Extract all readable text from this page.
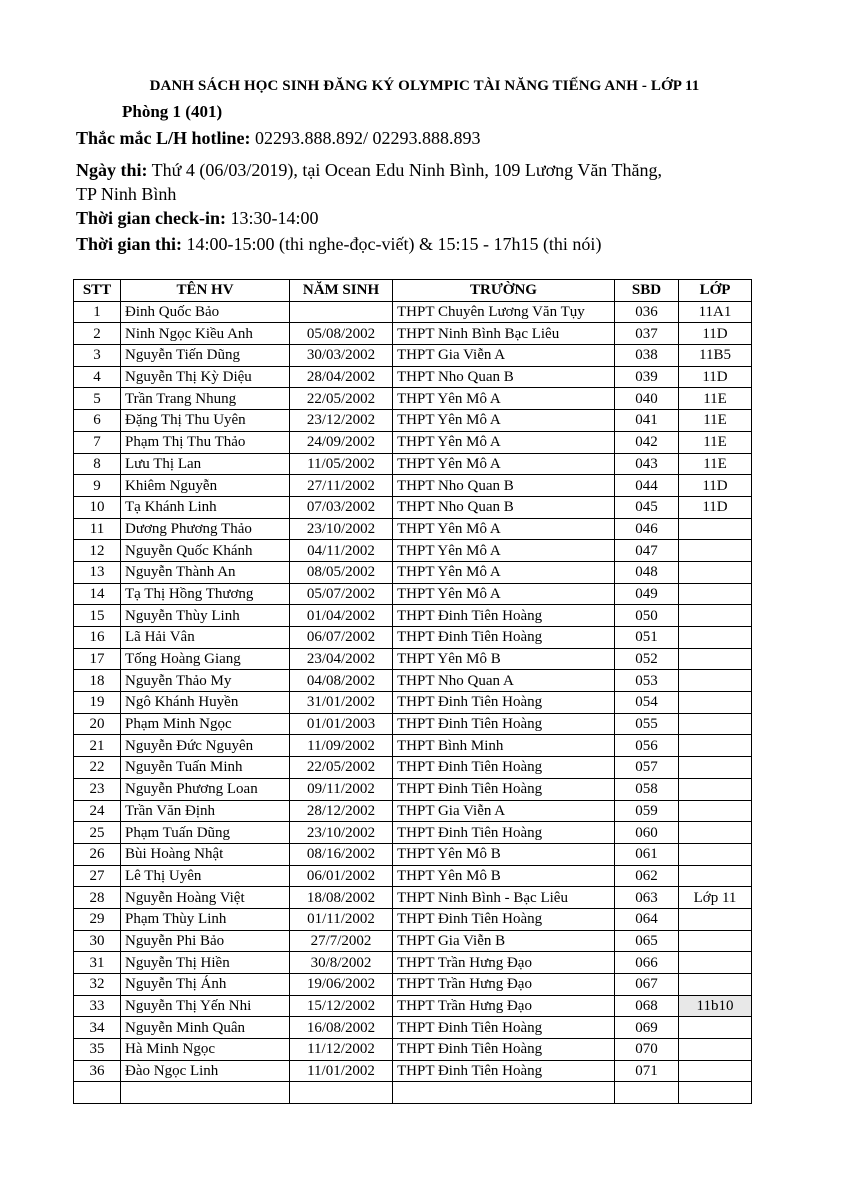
DANH SÁCH HỌC SINH ĐĂNG KÝ OLYMPIC TÀI NĂNG TIẾNG ANH - LỚP 11
Phòng 1 (401)
Thắc mắc L/H hotline: 02293.888.892/ 02293.888.893
Ngày thi: Thứ 4 (06/03/2019), tại Ocean Edu Ninh Bình, 109 Lương Văn Thăng,
TP Ninh Bình
Thời gian check-in: 13:30-14:00
Thời gian thi: 14:00-15:00 (thi nghe-đọc-viết) & 15:15 - 17h15 (thi nói)
STT	TÊN HV	NĂM SINH	TRƯỜNG	SBD	LỚP
1	Đinh Quốc Bảo		THPT Chuyên Lương Văn Tụy	036	11A1
2	Ninh Ngọc Kiều Anh	05/08/2002	THPT Ninh Bình Bạc Liêu	037	11D
3	Nguyễn Tiến Dũng	30/03/2002	THPT Gia Viễn A	038	11B5
4	Nguyễn Thị Kỳ Diệu	28/04/2002	THPT Nho Quan B	039	11D
5	Trần Trang Nhung	22/05/2002	THPT Yên Mô A	040	11E
6	Đặng Thị Thu Uyên	23/12/2002	THPT Yên Mô A	041	11E
7	Phạm Thị Thu Thảo	24/09/2002	THPT Yên Mô A	042	11E
8	Lưu Thị Lan	11/05/2002	THPT Yên Mô A	043	11E
9	Khiêm Nguyễn	27/11/2002	THPT Nho Quan B	044	11D
10	Tạ Khánh Linh	07/03/2002	THPT Nho Quan B	045	11D
11	Dương Phương Thảo	23/10/2002	THPT Yên Mô A	046	
12	Nguyễn Quốc Khánh	04/11/2002	THPT Yên Mô A	047	
13	Nguyễn Thành An	08/05/2002	THPT Yên Mô A	048	
14	Tạ Thị Hồng Thương	05/07/2002	THPT Yên Mô A	049	
15	Nguyễn Thùy Linh	01/04/2002	THPT Đinh Tiên Hoàng	050	
16	Lã Hải Vân	06/07/2002	THPT Đinh Tiên Hoàng	051	
17	Tống Hoàng Giang	23/04/2002	THPT Yên Mô B	052	
18	Nguyễn Thảo My	04/08/2002	THPT Nho Quan A	053	
19	Ngô Khánh Huyền	31/01/2002	THPT Đinh Tiên Hoàng	054	
20	Phạm Minh Ngọc	01/01/2003	THPT Đinh Tiên Hoàng	055	
21	Nguyễn Đức Nguyên	11/09/2002	THPT Bình Minh	056	
22	Nguyễn Tuấn Minh	22/05/2002	THPT Đinh Tiên Hoàng	057	
23	Nguyễn Phương Loan	09/11/2002	THPT Đinh Tiên Hoàng	058	
24	Trần Văn Định	28/12/2002	THPT Gia Viễn A	059	
25	Phạm Tuấn Dũng	23/10/2002	THPT Đinh Tiên Hoàng	060	
26	Bùi Hoàng Nhật	08/16/2002	THPT Yên Mô B	061	
27	Lê Thị Uyên	06/01/2002	THPT Yên Mô B	062	
28	Nguyễn Hoàng Việt	18/08/2002	THPT Ninh Bình - Bạc Liêu	063	Lớp 11
29	Phạm Thùy Linh	01/11/2002	THPT Đinh Tiên Hoàng	064	
30	Nguyễn Phi Bảo	27/7/2002	THPT Gia Viễn B	065	
31	Nguyễn Thị Hiền	30/8/2002	THPT Trần Hưng Đạo	066	
32	Nguyễn Thị Ánh	19/06/2002	THPT Trần Hưng Đạo	067	
33	Nguyễn Thị Yến Nhi	15/12/2002	THPT Trần Hưng Đạo	068	11b10
34	Nguyễn Minh Quân	16/08/2002	THPT Đinh Tiên Hoàng	069	
35	Hà Minh Ngọc	11/12/2002	THPT Đinh Tiên Hoàng	070	
36	Đào Ngọc Linh	11/01/2002	THPT Đinh Tiên Hoàng	071	
